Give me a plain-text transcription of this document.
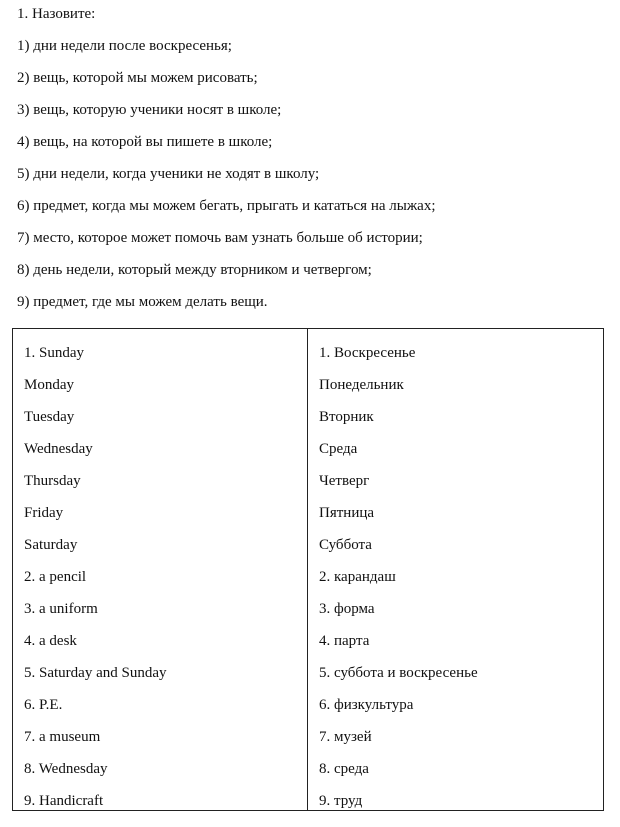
1. Назовите:
1) дни недели после воскресенья;
2) вещь, которой мы можем рисовать;
3) вещь, которую ученики носят в школе;
4) вещь, на которой вы пишете в школе;
5) дни недели, когда ученики не ходят в школу;
6) предмет, когда мы можем бегать, прыгать и кататься на лыжах;
7) место, которое может помочь вам узнать больше об истории;
8) день недели, который между вторником и четвергом;
9) предмет, где мы можем делать вещи.
1. Sunday
Monday
Tuesday
Wednesday
Thursday
Friday
Saturday
2. a pencil
3. a uniform
4. a desk
5. Saturday and Sunday
6. P.E.
7. a museum
8. Wednesday
9. Handicraft
1. Воскресенье
Понедельник
Вторник
Среда
Четверг
Пятница
Суббота
2. карандаш
3. форма
4. парта
5. суббота и воскресенье
6. физкультура
7. музей
8. среда
9. труд
